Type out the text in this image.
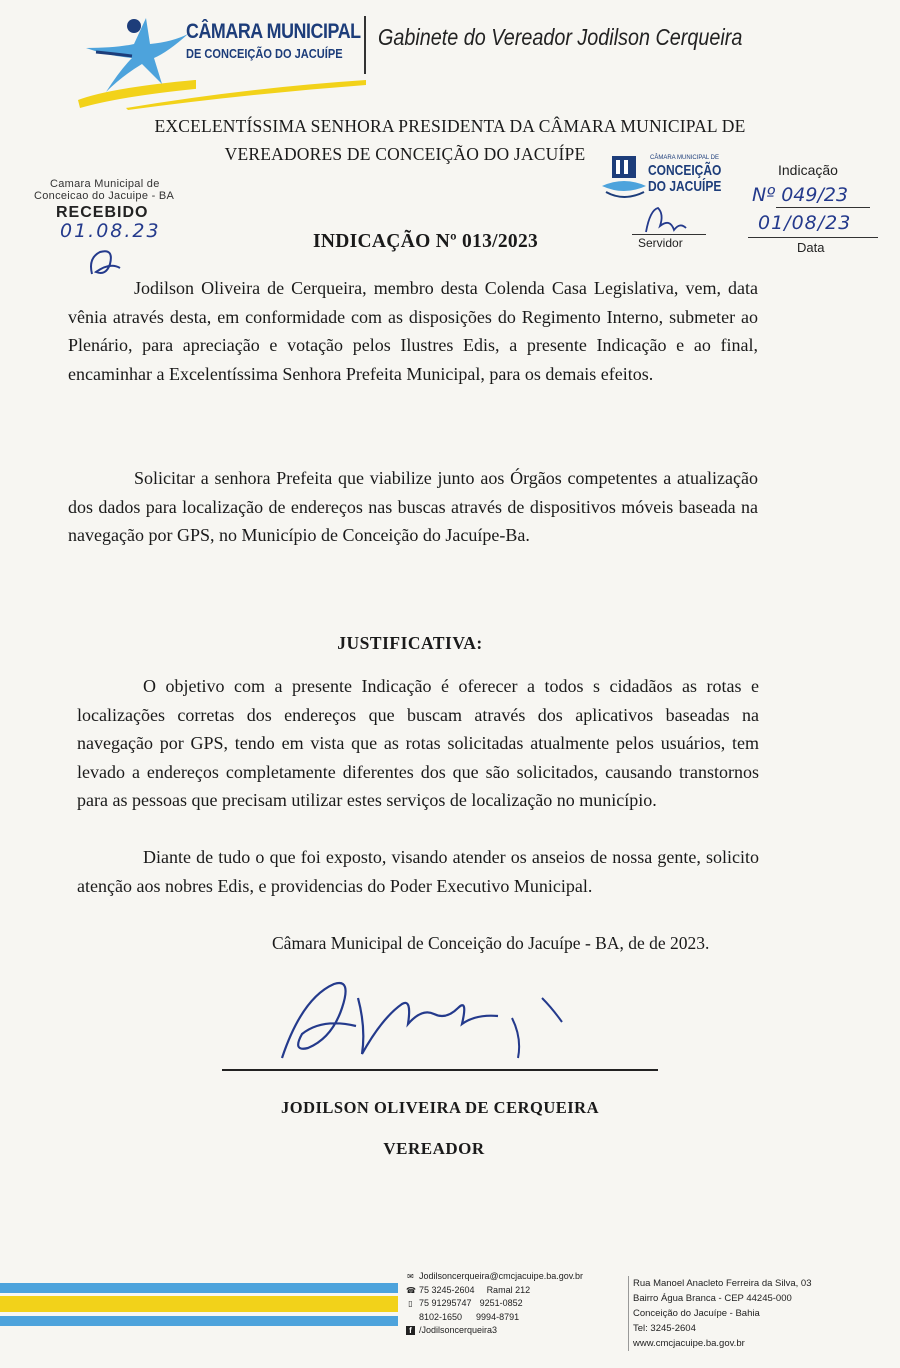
CÂMARA MUNICIPAL
DE CONCEIÇÃO DO JACUÍPE
Gabinete do Vereador Jodilson Cerqueira
EXCELENTÍSSIMA SENHORA PRESIDENTA DA CÂMARA MUNICIPAL DE
VEREADORES DE CONCEIÇÃO DO JACUÍPE
Camara Municipal de
Conceicao do Jacuipe - BA
RECEBIDO
01.08.23
CÂMARA MUNICIPAL DE
CONCEIÇÃO
DO JACUÍPE
Servidor
Indicação
Nº 049/23
01/08/23
Data
INDICAÇÃO Nº 013/2023
Jodilson Oliveira de Cerqueira, membro desta Colenda Casa Legislativa, vem, data vênia através desta, em conformidade com as disposições do Regimento Interno, submeter ao Plenário, para apreciação e votação pelos Ilustres Edis, a presente Indicação e ao final, encaminhar a Excelentíssima Senhora Prefeita Municipal, para os demais efeitos.
Solicitar a senhora Prefeita que viabilize junto aos Órgãos competentes a atualização dos dados para localização de endereços nas buscas através de dispositivos móveis baseada na navegação por GPS, no Município de Conceição do Jacuípe-Ba.
JUSTIFICATIVA:
O objetivo com a presente Indicação é oferecer a todos s cidadãos as rotas e localizações corretas dos endereços que buscam através dos aplicativos baseadas na navegação por GPS, tendo em vista que as rotas solicitadas atualmente pelos usuários, tem levado a endereços completamente diferentes dos que são solicitados, causando transtornos para as pessoas que precisam utilizar estes serviços de localização no município.
Diante de tudo o que foi exposto, visando atender os anseios de nossa gente, solicito atenção aos nobres Edis, e providencias do Poder Executivo Municipal.
Câmara Municipal de Conceição do Jacuípe - BA, de de 2023.
JODILSON OLIVEIRA DE CERQUEIRA
VEREADOR
✉ Jodilsoncerqueira@cmcjacuipe.ba.gov.br
☎ 75 3245-2604 Ramal 212
▯ 75 91295747 9251-0852
8102-1650 9994-8791
f /Jodilsoncerqueira3
Rua Manoel Anacleto Ferreira da Silva, 03
Bairro Água Branca - CEP 44245-000
Conceição do Jacuípe - Bahia
Tel: 3245-2604
www.cmcjacuipe.ba.gov.br
